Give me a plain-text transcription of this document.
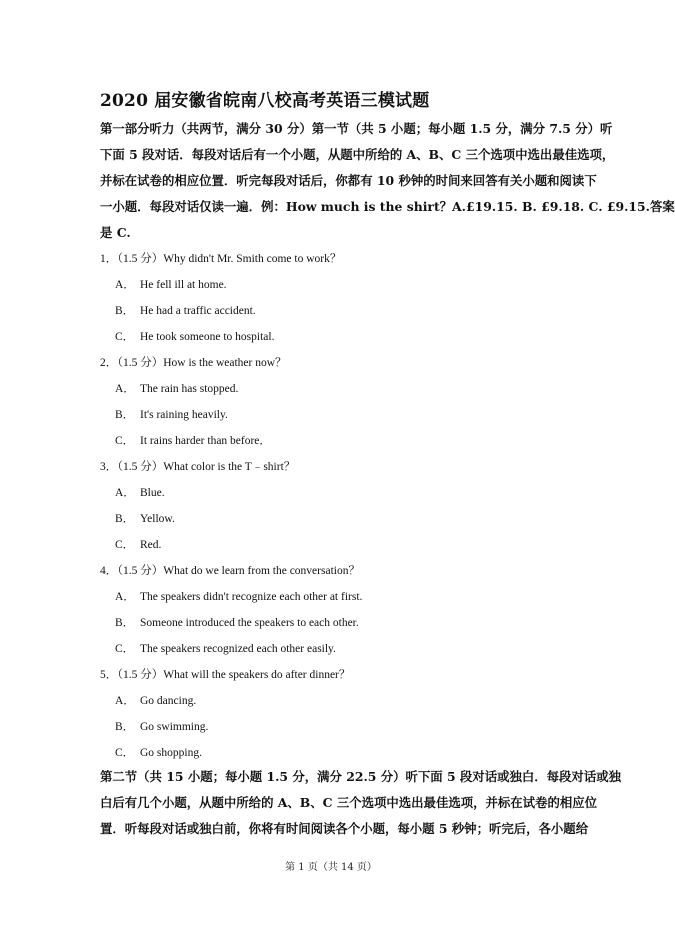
2020 届安徽省皖南八校高考英语三模试题
第一部分听力（共两节，满分 30 分）第一节（共 5 小题；每小题 1.5 分，满分 7.5 分）听
下面 5 段对话．每段对话后有一个小题，从题中所给的 A、B、C 三个选项中选出最佳选项，
并标在试卷的相应位置．听完每段对话后，你都有 10 秒钟的时间来回答有关小题和阅读下
一小题．每段对话仅读一遍．例：How much is the shirt？A.£19.15. B. £9.18. C. £9.15.答案
是 C.
1．（1.5 分）Why didn't Mr. Smith come to work？
A． He fell ill at home.
B． He had a traffic accident.
C． He took someone to hospital.
2．（1.5 分）How is the weather now？
A． The rain has stopped.
B． It's raining heavily.
C． It rains harder than before．
3．（1.5 分）What color is the T﹣shirt？
A． Blue.
B． Yellow.
C． Red.
4．（1.5 分）What do we learn from the conversation？
A． The speakers didn't recognize each other at first.
B． Someone introduced the speakers to each other.
C． The speakers recognized each other easily.
5．（1.5 分）What will the speakers do after dinner？
A． Go dancing.
B． Go swimming.
C． Go shopping.
第二节（共 15 小题；每小题 1.5 分，满分 22.5 分）听下面 5 段对话或独白．每段对话或独
白后有几个小题，从题中所给的 A、B、C 三个选项中选出最佳选项，并标在试卷的相应位
置．听每段对话或独白前，你将有时间阅读各个小题，每小题 5 秒钟；听完后，各小题给
第 1 页（共 14 页）
